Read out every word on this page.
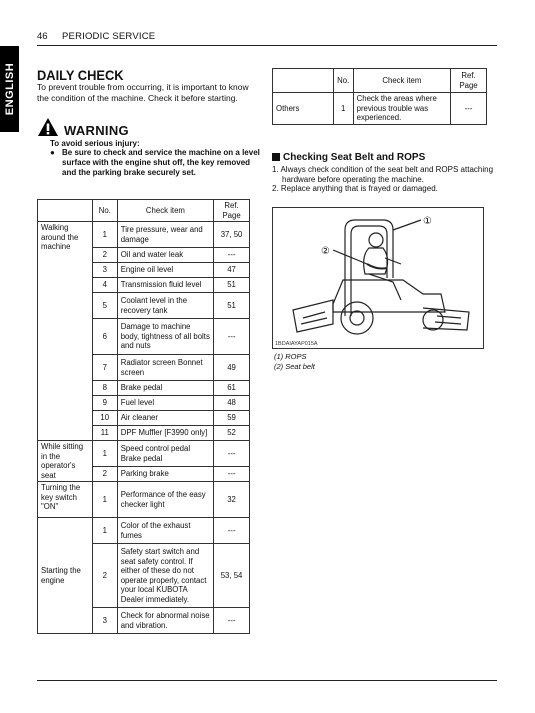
46 PERIODIC SERVICE
ENGLISH DAILY CHECK
To prevent trouble from occurring, it is important to know the condition of the machine. Check it before starting.
WARNING
To avoid serious injury:
● Be sure to check and service the machine on a level surface with the engine shut off, the key removed and the parking brake securely set.
	No.	Check item	Ref. Page
Walking around the machine	1	Tire pressure, wear and damage	37, 50
	2	Oil and water leak	---
	3	Engine oil level	47
	4	Transmission fluid level	51
	5	Coolant level in the recovery tank	51
	6	Damage to machine body, tightness of all bolts and nuts	---
	7	Radiator screen Bonnet screen	49
	8	Brake pedal	61
	9	Fuel level	48
	10	Air cleaner	59
	11	DPF Muffler [F3990 only]	52
While sitting in the operator's seat	1	Speed control pedal Brake pedal	---
	2	Parking brake	---
Turning the key switch "ON"	1	Performance of the easy checker light	32
Starting the engine	1	Color of the exhaust fumes	---
	2	Safety start switch and seat safety control. If either of these do not operate properly, contact your local KUBOTA Dealer immediately.	53, 54
	3	Check for abnormal noise and vibration.	---
	No.	Check item	Ref. Page
Others	1	Check the areas where previous trouble was experienced.	---
Checking Seat Belt and ROPS
1. Always check condition of the seat belt and ROPS attaching hardware before operating the machine.
2. Replace anything that is frayed or damaged.
①
②
1BDAIAYAP015A
(1) ROPS
(2) Seat belt
